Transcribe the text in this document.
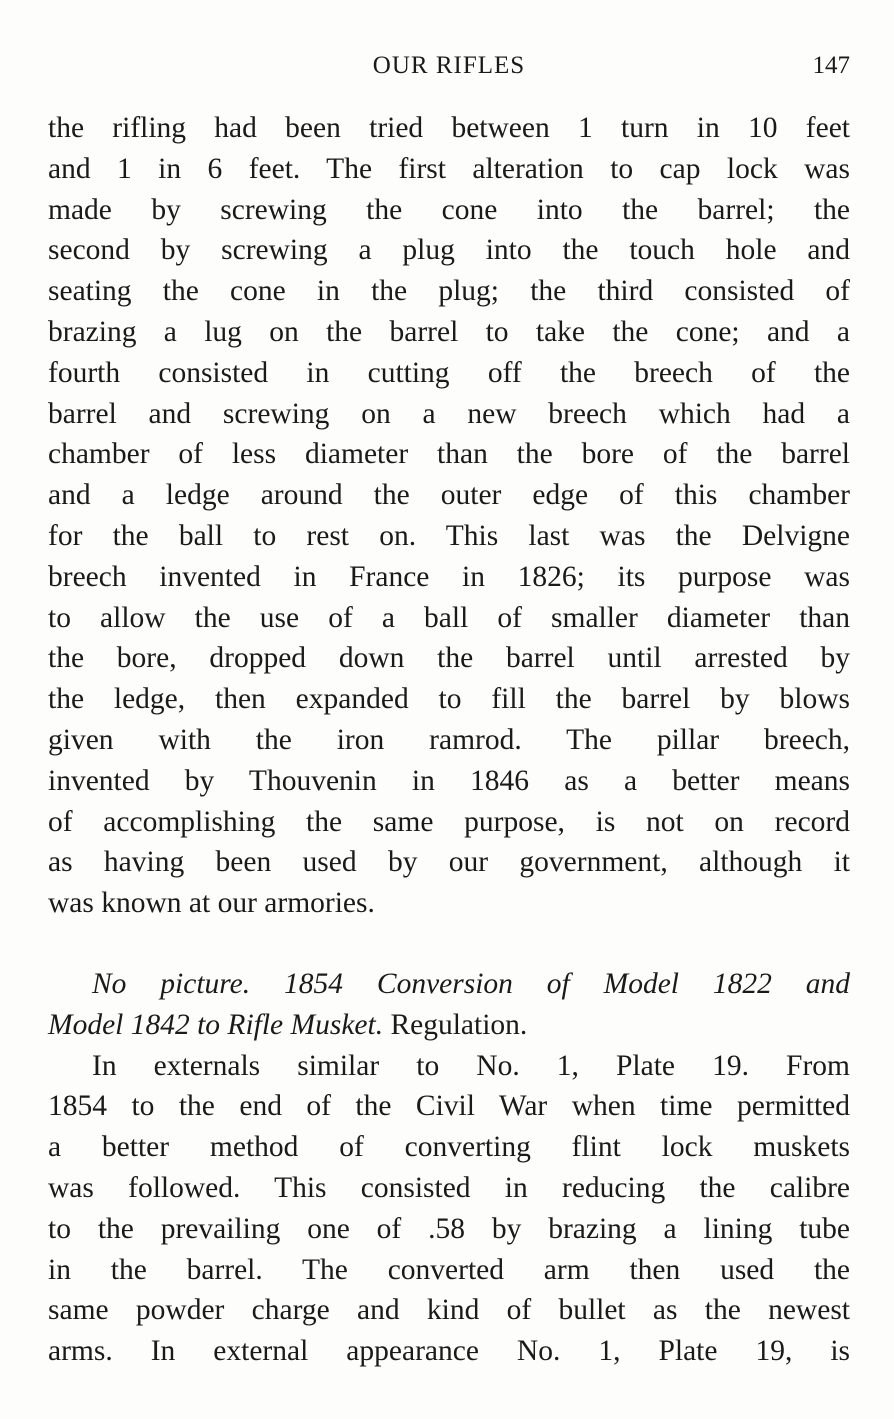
OUR RIFLES	147
the rifling had been tried between 1 turn in 10 feet
and 1 in 6 feet. The first alteration to cap lock was
made by screwing the cone into the barrel; the
second by screwing a plug into the touch hole and
seating the cone in the plug; the third consisted of
brazing a lug on the barrel to take the cone; and a
fourth consisted in cutting off the breech of the
barrel and screwing on a new breech which had a
chamber of less diameter than the bore of the barrel
and a ledge around the outer edge of this chamber
for the ball to rest on. This last was the Delvigne
breech invented in France in 1826; its purpose was
to allow the use of a ball of smaller diameter than
the bore, dropped down the barrel until arrested by
the ledge, then expanded to fill the barrel by blows
given with the iron ramrod. The pillar breech,
invented by Thouvenin in 1846 as a better means
of accomplishing the same purpose, is not on record
as having been used by our government, although it
was known at our armories.
No picture. 1854 Conversion of Model 1822 and
Model 1842 to Rifle Musket. Regulation.
In externals similar to No. 1, Plate 19. From
1854 to the end of the Civil War when time permitted
a better method of converting flint lock muskets
was followed. This consisted in reducing the calibre
to the prevailing one of .58 by brazing a lining tube
in the barrel. The converted arm then used the
same powder charge and kind of bullet as the newest
arms. In external appearance No. 1, Plate 19, is
